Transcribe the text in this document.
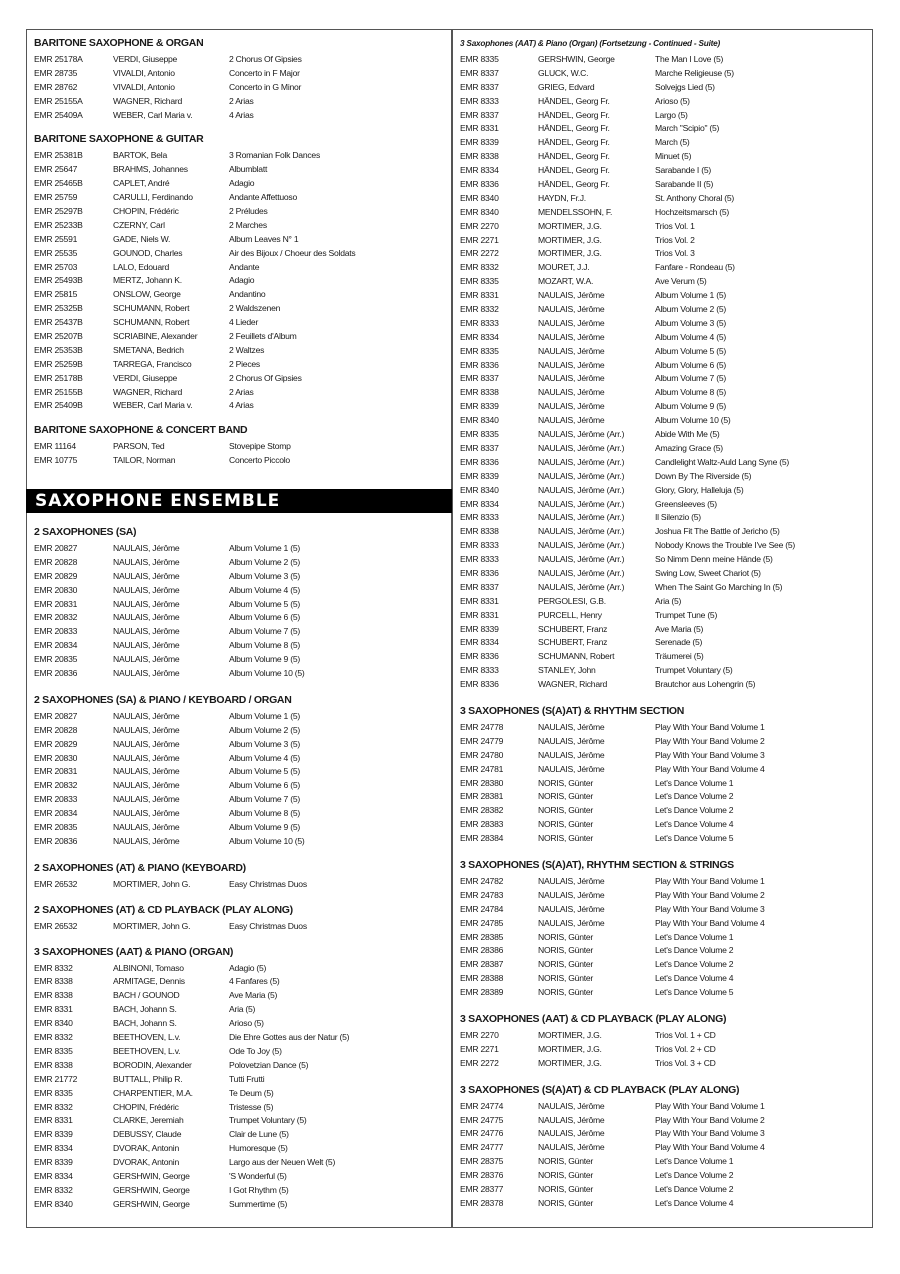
BARITONE SAXOPHONE & ORGAN
EMR 25178A	VERDI, Giuseppe	2 Chorus Of Gipsies
EMR 28735	VIVALDI, Antonio	Concerto in F Major
EMR 28762	VIVALDI, Antonio	Concerto in G Minor
EMR 25155A	WAGNER, Richard	2 Arias
EMR 25409A	WEBER, Carl Maria v.	4 Arias
BARITONE SAXOPHONE & GUITAR
EMR 25381B	BARTOK, Bela	3 Romanian Folk Dances
EMR 25647	BRAHMS, Johannes	Albumblatt
EMR 25465B	CAPLET, André	Adagio
EMR 25759	CARULLI, Ferdinando	Andante Affettuoso
EMR 25297B	CHOPIN, Frédéric	2 Préludes
EMR 25233B	CZERNY, Carl	2 Marches
EMR 25591	GADE, Niels W.	Album Leaves N° 1
EMR 25535	GOUNOD, Charles	Air des Bijoux / Choeur des Soldats
EMR 25703	LALO, Edouard	Andante
EMR 25493B	MERTZ, Johann K.	Adagio
EMR 25815	ONSLOW, George	Andantino
EMR 25325B	SCHUMANN, Robert	2 Waldszenen
EMR 25437B	SCHUMANN, Robert	4 Lieder
EMR 25207B	SCRIABINE, Alexander	2 Feuillets d'Album
EMR 25353B	SMETANA, Bedrich	2 Waltzes
EMR 25259B	TARREGA, Francisco	2 Pieces
EMR 25178B	VERDI, Giuseppe	2 Chorus Of Gipsies
EMR 25155B	WAGNER, Richard	2 Arias
EMR 25409B	WEBER, Carl Maria v.	4 Arias
BARITONE SAXOPHONE & CONCERT BAND
EMR 11164	PARSON, Ted	Stovepipe Stomp
EMR 10775	TAILOR, Norman	Concerto Piccolo
SAXOPHONE ENSEMBLE
2 SAXOPHONES (SA)
EMR 20827	NAULAIS, Jérôme	Album Volume 1 (5)
EMR 20828	NAULAIS, Jérôme	Album Volume 2 (5)
EMR 20829	NAULAIS, Jérôme	Album Volume 3 (5)
EMR 20830	NAULAIS, Jérôme	Album Volume 4 (5)
EMR 20831	NAULAIS, Jérôme	Album Volume 5 (5)
EMR 20832	NAULAIS, Jérôme	Album Volume 6 (5)
EMR 20833	NAULAIS, Jérôme	Album Volume 7 (5)
EMR 20834	NAULAIS, Jérôme	Album Volume 8 (5)
EMR 20835	NAULAIS, Jérôme	Album Volume 9 (5)
EMR 20836	NAULAIS, Jérôme	Album Volume 10 (5)
2 SAXOPHONES (SA) & PIANO / KEYBOARD / ORGAN
EMR 20827	NAULAIS, Jérôme	Album Volume 1 (5)
EMR 20828	NAULAIS, Jérôme	Album Volume 2 (5)
EMR 20829	NAULAIS, Jérôme	Album Volume 3 (5)
EMR 20830	NAULAIS, Jérôme	Album Volume 4 (5)
EMR 20831	NAULAIS, Jérôme	Album Volume 5 (5)
EMR 20832	NAULAIS, Jérôme	Album Volume 6 (5)
EMR 20833	NAULAIS, Jérôme	Album Volume 7 (5)
EMR 20834	NAULAIS, Jérôme	Album Volume 8 (5)
EMR 20835	NAULAIS, Jérôme	Album Volume 9 (5)
EMR 20836	NAULAIS, Jérôme	Album Volume 10 (5)
2 SAXOPHONES (AT) & PIANO (KEYBOARD)
EMR 26532	MORTIMER, John G.	Easy Christmas Duos
2 SAXOPHONES (AT) & CD PLAYBACK (PLAY ALONG)
EMR 26532	MORTIMER, John G.	Easy Christmas Duos
3 SAXOPHONES (AAT) & PIANO (ORGAN)
EMR 8332	ALBINONI, Tomaso	Adagio (5)
EMR 8338	ARMITAGE, Dennis	4 Fanfares (5)
EMR 8338	BACH / GOUNOD	Ave Maria (5)
EMR 8331	BACH, Johann S.	Aria (5)
EMR 8340	BACH, Johann S.	Arioso (5)
EMR 8332	BEETHOVEN, L.v.	Die Ehre Gottes aus der Natur (5)
EMR 8335	BEETHOVEN, L.v.	Ode To Joy (5)
EMR 8338	BORODIN, Alexander	Polovetzian Dance (5)
EMR 21772	BUTTALL, Philip R.	Tutti Frutti
EMR 8335	CHARPENTIER, M.A.	Te Deum (5)
EMR 8332	CHOPIN, Frédéric	Tristesse (5)
EMR 8331	CLARKE, Jeremiah	Trumpet Voluntary (5)
EMR 8339	DEBUSSY, Claude	Clair de Lune (5)
EMR 8334	DVORAK, Antonin	Humoresque (5)
EMR 8339	DVORAK, Antonin	Largo aus der Neuen Welt (5)
EMR 8334	GERSHWIN, George	'S Wonderful (5)
EMR 8332	GERSHWIN, George	I Got Rhythm (5)
EMR 8340	GERSHWIN, George	Summertime (5)
3 Saxophones (AAT) & Piano (Organ) (Fortsetzung - Continued - Suite)
EMR 8335	GERSHWIN, George	The Man I Love (5)
EMR 8337	GLUCK, W.C.	Marche Religieuse (5)
EMR 8337	GRIEG, Edvard	Solvejgs Lied (5)
EMR 8333	HÄNDEL, Georg Fr.	Arioso (5)
EMR 8337	HÄNDEL, Georg Fr.	Largo (5)
EMR 8331	HÄNDEL, Georg Fr.	March "Scipio" (5)
EMR 8339	HÄNDEL, Georg Fr.	March (5)
EMR 8338	HÄNDEL, Georg Fr.	Minuet (5)
EMR 8334	HÄNDEL, Georg Fr.	Sarabande I (5)
EMR 8336	HÄNDEL, Georg Fr.	Sarabande II (5)
EMR 8340	HAYDN, Fr.J.	St. Anthony Choral (5)
EMR 8340	MENDELSSOHN, F.	Hochzeitsmarsch (5)
EMR 2270	MORTIMER, J.G.	Trios Vol. 1
EMR 2271	MORTIMER, J.G.	Trios Vol. 2
EMR 2272	MORTIMER, J.G.	Trios Vol. 3
EMR 8332	MOURET, J.J.	Fanfare - Rondeau (5)
EMR 8335	MOZART, W.A.	Ave Verum (5)
EMR 8331	NAULAIS, Jérôme	Album Volume 1 (5)
EMR 8332	NAULAIS, Jérôme	Album Volume 2 (5)
EMR 8333	NAULAIS, Jérôme	Album Volume 3 (5)
EMR 8334	NAULAIS, Jérôme	Album Volume 4 (5)
EMR 8335	NAULAIS, Jérôme	Album Volume 5 (5)
EMR 8336	NAULAIS, Jérôme	Album Volume 6 (5)
EMR 8337	NAULAIS, Jérôme	Album Volume 7 (5)
EMR 8338	NAULAIS, Jérôme	Album Volume 8 (5)
EMR 8339	NAULAIS, Jérôme	Album Volume 9 (5)
EMR 8340	NAULAIS, Jérôme	Album Volume 10 (5)
EMR 8335	NAULAIS, Jérôme (Arr.)	Abide With Me (5)
EMR 8337	NAULAIS, Jérôme (Arr.)	Amazing Grace (5)
EMR 8336	NAULAIS, Jérôme (Arr.)	Candlelight Waltz-Auld Lang Syne (5)
EMR 8339	NAULAIS, Jérôme (Arr.)	Down By The Riverside (5)
EMR 8340	NAULAIS, Jérôme (Arr.)	Glory, Glory, Halleluja (5)
EMR 8334	NAULAIS, Jérôme (Arr.)	Greensleeves (5)
EMR 8333	NAULAIS, Jérôme (Arr.)	Il Silenzio (5)
EMR 8338	NAULAIS, Jérôme (Arr.)	Joshua Fit The Battle of Jericho (5)
EMR 8333	NAULAIS, Jérôme (Arr.)	Nobody Knows the Trouble I've See (5)
EMR 8333	NAULAIS, Jérôme (Arr.)	So Nimm Denn meine Hände (5)
EMR 8336	NAULAIS, Jérôme (Arr.)	Swing Low, Sweet Chariot (5)
EMR 8337	NAULAIS, Jérôme (Arr.)	When The Saint Go Marching In (5)
EMR 8331	PERGOLESI, G.B.	Aria (5)
EMR 8331	PURCELL, Henry	Trumpet Tune (5)
EMR 8339	SCHUBERT, Franz	Ave Maria (5)
EMR 8334	SCHUBERT, Franz	Serenade (5)
EMR 8336	SCHUMANN, Robert	Träumerei (5)
EMR 8333	STANLEY, John	Trumpet Voluntary (5)
EMR 8336	WAGNER, Richard	Brautchor aus Lohengrin (5)
3 SAXOPHONES (S(A)AT) & RHYTHM SECTION
EMR 24778	NAULAIS, Jérôme	Play With Your Band Volume 1
EMR 24779	NAULAIS, Jérôme	Play With Your Band Volume 2
EMR 24780	NAULAIS, Jérôme	Play With Your Band Volume 3
EMR 24781	NAULAIS, Jérôme	Play With Your Band Volume 4
EMR 28380	NORIS, Günter	Let's Dance Volume 1
EMR 28381	NORIS, Günter	Let's Dance Volume 2
EMR 28382	NORIS, Günter	Let's Dance Volume 2
EMR 28383	NORIS, Günter	Let's Dance Volume 4
EMR 28384	NORIS, Günter	Let's Dance Volume 5
3 SAXOPHONES (S(A)AT), RHYTHM SECTION & STRINGS
EMR 24782	NAULAIS, Jérôme	Play With Your Band Volume 1
EMR 24783	NAULAIS, Jérôme	Play With Your Band Volume 2
EMR 24784	NAULAIS, Jérôme	Play With Your Band Volume 3
EMR 24785	NAULAIS, Jérôme	Play With Your Band Volume 4
EMR 28385	NORIS, Günter	Let's Dance Volume 1
EMR 28386	NORIS, Günter	Let's Dance Volume 2
EMR 28387	NORIS, Günter	Let's Dance Volume 2
EMR 28388	NORIS, Günter	Let's Dance Volume 4
EMR 28389	NORIS, Günter	Let's Dance Volume 5
3 SAXOPHONES (AAT) & CD PLAYBACK (PLAY ALONG)
EMR 2270	MORTIMER, J.G.	Trios Vol. 1 + CD
EMR 2271	MORTIMER, J.G.	Trios Vol. 2 + CD
EMR 2272	MORTIMER, J.G.	Trios Vol. 3 + CD
3 SAXOPHONES (S(A)AT) & CD PLAYBACK (PLAY ALONG)
EMR 24774	NAULAIS, Jérôme	Play With Your Band Volume 1
EMR 24775	NAULAIS, Jérôme	Play With Your Band Volume 2
EMR 24776	NAULAIS, Jérôme	Play With Your Band Volume 3
EMR 24777	NAULAIS, Jérôme	Play With Your Band Volume 4
EMR 28375	NORIS, Günter	Let's Dance Volume 1
EMR 28376	NORIS, Günter	Let's Dance Volume 2
EMR 28377	NORIS, Günter	Let's Dance Volume 2
EMR 28378	NORIS, Günter	Let's Dance Volume 4
